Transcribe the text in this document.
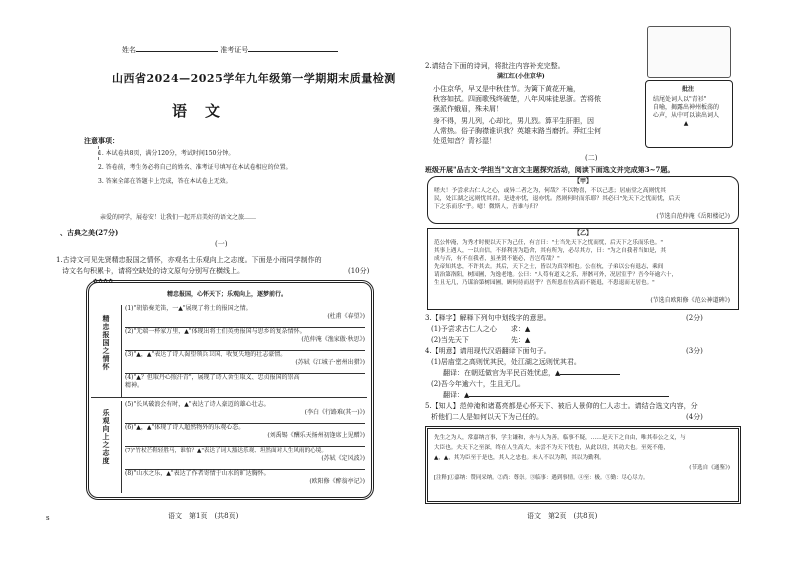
姓名	准考证号
山西省2024—2025学年九年级第一学期期末质量检测
语文
注意事项：
1. 本试卷共8页，满分120分，考试时间150分钟。
2. 答卷前，考生务必将自己的姓名、准考证号填写在本试卷相应的位置。
3. 答案全部在答题卡上完成，答在本试卷上无效。
亲爱的同学，展卷安！让我们一起开启美好的语文之旅……
、古典之美(27分)
(一)
1.古诗文可见先贤精忠报国之情怀，亦观名士乐观向上之志度。下面是小雨同学制作的
诗文名句积累卡，请将空缺处的诗文原句分别写在横线上。	(10分)
精忠报国，心怀天下；乐观向上，逐梦前行。
✿✿✿✿
精忠报国之情怀
乐观向上之志度
(1)"胡笳奏羌笛，一▲"展现了将士的报国之情。
(杜甫《春望》)
(2)"无端一杯家万里，▲"体现出将士们英勇报国与思乡的复杂情怀。
(范仲淹《渔家傲·秋思》)
(3)"▲，▲"表达了诗人渴望领兵卫国、收复失地的壮志豪情。
(苏轼《江城子·密州出猎》)
(4)"▲？但取丹心照汗青"，展现了诗人舍生取义、忠贞报国的崇高
精神。
(5)"长风破浪会有时，▲"表达了诗人豪迈的雄心壮志。
(李白《行路难(其一)》)
(6)"▲，▲"体现了诗人超然物外的乐观心态。
(刘禹锡《酬乐天扬州初逢席上见赠》)
(7)"竹杖芒鞋轻胜马，谁怕？▲"表达了词人豁达乐观、坦然面对人生风雨的心境。
(苏轼《定风波》)
(8)"山水之乐，▲"表达了作者寄情于山水的旷达胸怀。
(欧阳修《醉翁亭记》)
语文　第1页　(共8页)
s
2.请结合下面的诗词，将批注内容补充完整。
满江红(小住京华)
小住京华，早又是中秋佳节。为篱下黄花开遍，
秋容如拭。四面歌残终破楚，八年风味徒思浙。苦将侬
强派作蛾眉，殊未屑！
身不得，男儿列，心却比，男儿烈。算平生肝胆，因
人常热。俗子胸襟谁识我？英雄末路当磨折。莽红尘何
处觅知音？青衫湿！
批注
结尾处词人以"青衫"
自喻，揭露出神州板荡的
心声，从中可以读出词人
▲
(二)
班级开展"品古文·学担当"文言文主题探究活动，阅读下面选文并完成第3~7题。
【甲】
嗟夫！予尝求古仁人之心，或异二者之为，何哉？不以物喜，不以己悲；居庙堂之高则忧其
民，处江湖之远则忧其君。是进亦忧，退亦忧。然则何时而乐耶？其必曰"先天下之忧而忧，后天
下之乐而乐"乎。噫！微斯人，吾谁与归？
(节选自范仲淹《岳阳楼记》)
【乙】
范公仲淹，为秀才时便以天下为己任，有言曰："士当先天下之忧而忧，后天下之乐而乐也。"
其事上遇人，一以自信，不择利害为趋舍，其有所为，必尽其方，曰："为之自我者当如是，其
成与否，有不在我者，虽圣贤不能必，吾岂苟哉？"
先帝知其忠，不许其去。其后，天下之士，皆以为真宰相也。公在杭，子弟以公有退志，乘间
请治第洛阳，树园圃，为逸老地。公曰："人苟有道义之乐，形骸可外，况居室乎？吾今年逾六十，
生且无几，乃谋治第树园圃，顾何待而居乎？吾所患在位高而不能退，不患退而无居也。"
(节选自欧阳修《范公神道碑》)
3.【释字】解释下列句中划线字的意思。	(2分)
(1)予尝求古仁人之心　　求：▲
(2)当先天下　　　　　　先：▲
4.【明意】请用现代汉语翻译下面句子。	(3分)
(1)居庙堂之高则忧其民，处江湖之远则忧其君。
翻译：在朝廷做官为平民百姓忧虑，▲
(2)吾今年逾六十，生且无几。
翻译：▲
5.【知人】范仲淹和诸葛亮都是心怀天下、被后人景仰的仁人志士。请结合选文内容，分
析他们二人是如何以天下为己任的。	(4分)
先生之为人，常嘉纳言事，学主谦和，亦与人为善。临事不疑，……是天下之自由，唯其奉公之义，与
大臣也。夫天下之至深，终在人生高大，未尝不为天下忧也，从此以往，其功大也。至死不倦，
▲，▲，其为臣至于是也，其人之忠也。未人不以为利，其以为勤利。
(节选自《通鉴》)
[注释]①嘉纳：赞同采纳。②尚：尊崇。③临事：遇到事情。④至：极。⑤勤：尽心尽力。
语文　第2页　(共8页)
